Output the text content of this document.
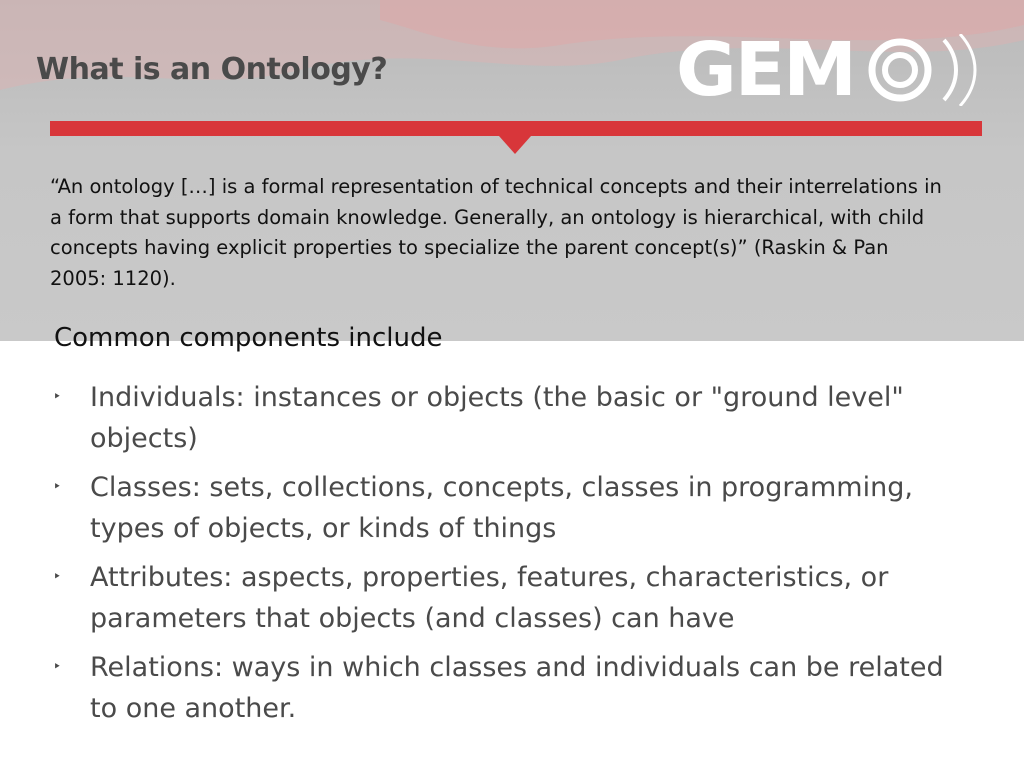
What is an Ontology?	GEM
“An ontology […] is a formal representation of technical concepts and their interrelations in a form that supports domain knowledge. Generally, an ontology is hierarchical, with child concepts having explicit properties to specialize the parent concept(s)” (Raskin & Pan 2005: 1120).
Common components include
‣ Individuals: instances or objects (the basic or "ground level" objects)
‣ Classes: sets, collections, concepts, classes in programming, types of objects, or kinds of things
‣ Attributes: aspects, properties, features, characteristics, or parameters that objects (and classes) can have
‣ Relations: ways in which classes and individuals can be related to one another.
